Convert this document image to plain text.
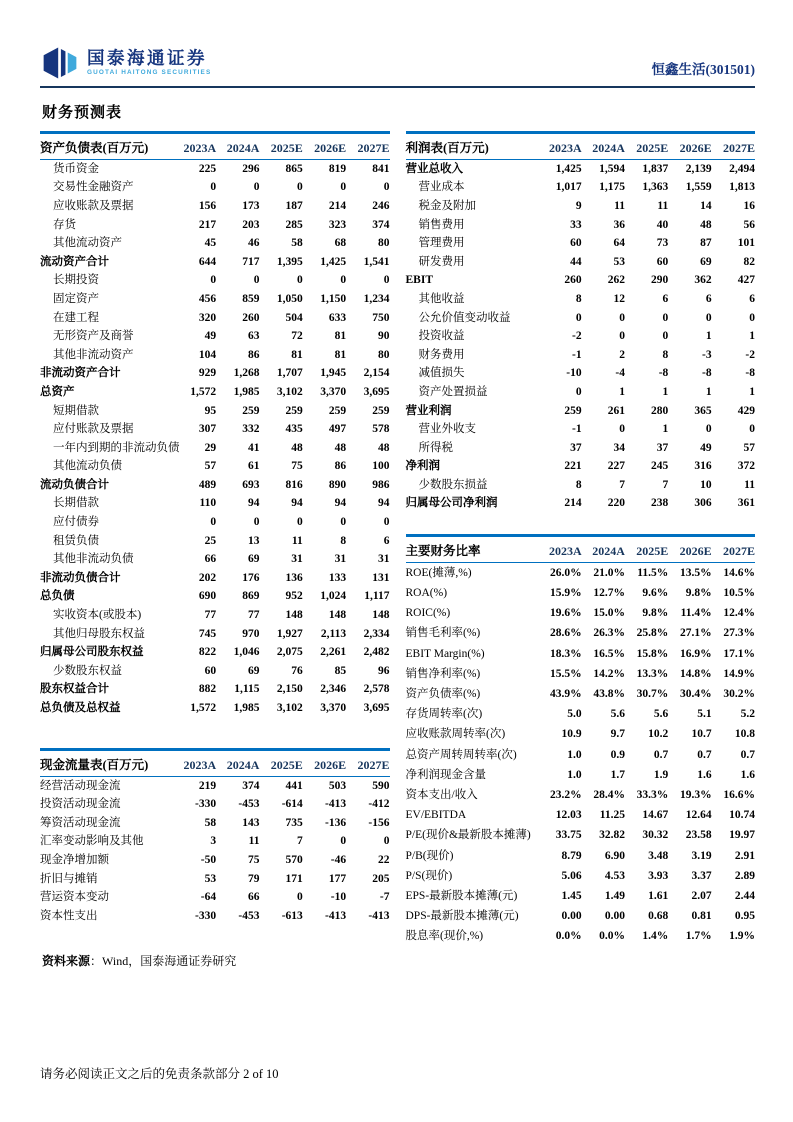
国泰海通证券
GUOTAI HAITONG SECURITIES	恒鑫生活(301501)
财务预测表
资产负债表(百万元)	2023A	2024A	2025E	2026E	2027E
货币资金	225	296	865	819	841
交易性金融资产	0	0	0	0	0
应收账款及票据	156	173	187	214	246
存货	217	203	285	323	374
其他流动资产	45	46	58	68	80
流动资产合计	644	717	1,395	1,425	1,541
长期投资	0	0	0	0	0
固定资产	456	859	1,050	1,150	1,234
在建工程	320	260	504	633	750
无形资产及商誉	49	63	72	81	90
其他非流动资产	104	86	81	81	80
非流动资产合计	929	1,268	1,707	1,945	2,154
总资产	1,572	1,985	3,102	3,370	3,695
短期借款	95	259	259	259	259
应付账款及票据	307	332	435	497	578
一年内到期的非流动负债	29	41	48	48	48
其他流动负债	57	61	75	86	100
流动负债合计	489	693	816	890	986
长期借款	110	94	94	94	94
应付债券	0	0	0	0	0
租赁负债	25	13	11	8	6
其他非流动负债	66	69	31	31	31
非流动负债合计	202	176	136	133	131
总负债	690	869	952	1,024	1,117
实收资本(或股本)	77	77	148	148	148
其他归母股东权益	745	970	1,927	2,113	2,334
归属母公司股东权益	822	1,046	2,075	2,261	2,482
少数股东权益	60	69	76	85	96
股东权益合计	882	1,115	2,150	2,346	2,578
总负债及总权益	1,572	1,985	3,102	3,370	3,695
现金流量表(百万元)	2023A	2024A	2025E	2026E	2027E
经营活动现金流	219	374	441	503	590
投资活动现金流	-330	-453	-614	-413	-412
筹资活动现金流	58	143	735	-136	-156
汇率变动影响及其他	3	11	7	0	0
现金净增加额	-50	75	570	-46	22
折旧与摊销	53	79	171	177	205
营运资本变动	-64	66	0	-10	-7
资本性支出	-330	-453	-613	-413	-413
资料来源：Wind，国泰海通证券研究
利润表(百万元)	2023A	2024A	2025E	2026E	2027E
营业总收入	1,425	1,594	1,837	2,139	2,494
营业成本	1,017	1,175	1,363	1,559	1,813
税金及附加	9	11	11	14	16
销售费用	33	36	40	48	56
管理费用	60	64	73	87	101
研发费用	44	53	60	69	82
EBIT	260	262	290	362	427
其他收益	8	12	6	6	6
公允价值变动收益	0	0	0	0	0
投资收益	-2	0	0	1	1
财务费用	-1	2	8	-3	-2
减值损失	-10	-4	-8	-8	-8
资产处置损益	0	1	1	1	1
营业利润	259	261	280	365	429
营业外收支	-1	0	1	0	0
所得税	37	34	37	49	57
净利润	221	227	245	316	372
少数股东损益	8	7	7	10	11
归属母公司净利润	214	220	238	306	361
主要财务比率	2023A	2024A	2025E	2026E	2027E
ROE(摊薄,%)	26.0%	21.0%	11.5%	13.5%	14.6%
ROA(%)	15.9%	12.7%	9.6%	9.8%	10.5%
ROIC(%)	19.6%	15.0%	9.8%	11.4%	12.4%
销售毛利率(%)	28.6%	26.3%	25.8%	27.1%	27.3%
EBIT Margin(%)	18.3%	16.5%	15.8%	16.9%	17.1%
销售净利率(%)	15.5%	14.2%	13.3%	14.8%	14.9%
资产负债率(%)	43.9%	43.8%	30.7%	30.4%	30.2%
存货周转率(次)	5.0	5.6	5.6	5.1	5.2
应收账款周转率(次)	10.9	9.7	10.2	10.7	10.8
总资产周转周转率(次)	1.0	0.9	0.7	0.7	0.7
净利润现金含量	1.0	1.7	1.9	1.6	1.6
资本支出/收入	23.2%	28.4%	33.3%	19.3%	16.6%
EV/EBITDA	12.03	11.25	14.67	12.64	10.74
P/E(现价&最新股本摊薄)	33.75	32.82	30.32	23.58	19.97
P/B(现价)	8.79	6.90	3.48	3.19	2.91
P/S(现价)	5.06	4.53	3.93	3.37	2.89
EPS-最新股本摊薄(元)	1.45	1.49	1.61	2.07	2.44
DPS-最新股本摊薄(元)	0.00	0.00	0.68	0.81	0.95
股息率(现价,%)	0.0%	0.0%	1.4%	1.7%	1.9%
请务必阅读正文之后的免责条款部分 2 of 10
